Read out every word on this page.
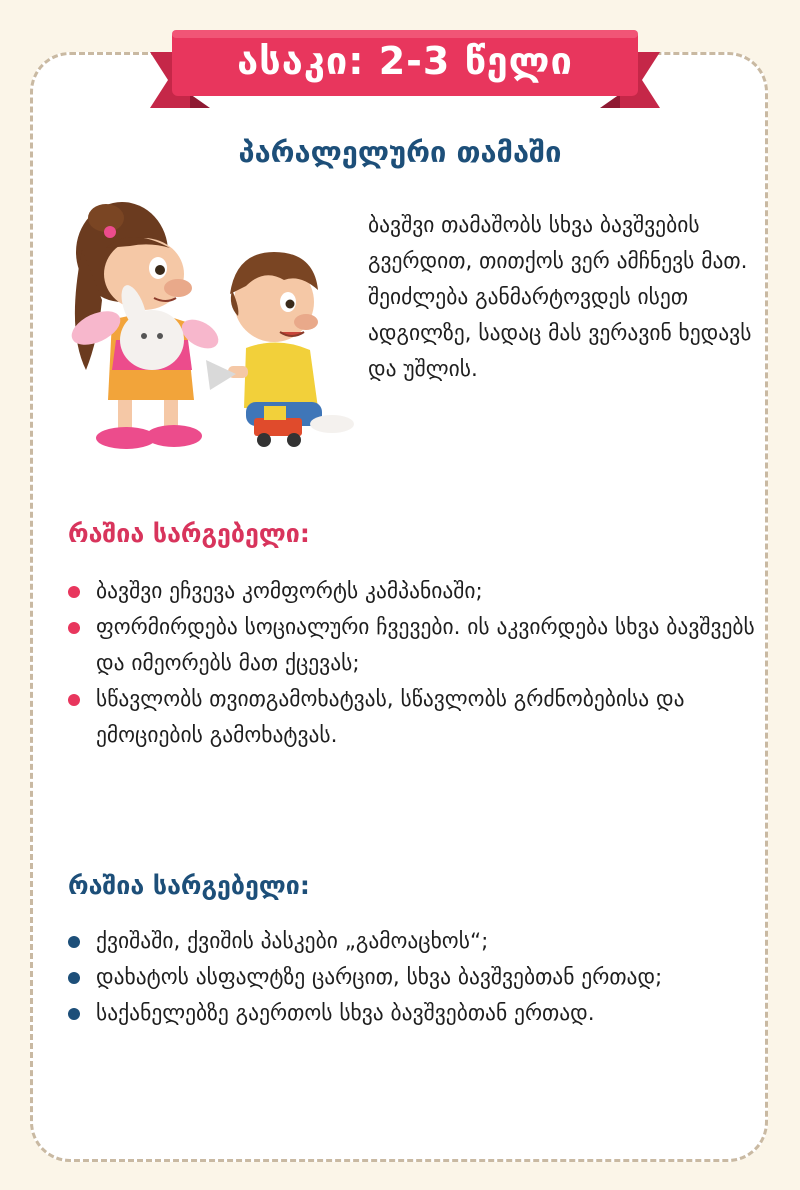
ასაკი: 2-3 წელი
პარალელური თამაში
ბავშვი თამაშობს სხვა ბავშვების გვერდით, თითქოს ვერ ამჩნევს მათ. შეიძლება განმარტოვდეს ისეთ ადგილზე, სადაც მას ვერავინ ხედავს და უშლის.
რაშია სარგებელი:
ბავშვი ეჩვევა კომფორტს კამპანიაში;
ფორმირდება სოციალური ჩვევები. ის აკვირდება სხვა ბავშვებს და იმეორებს მათ ქცევას;
სწავლობს თვითგამოხატვას, სწავლობს გრძნობებისა და ემოციების გამოხატვას.
რაშია სარგებელი:
ქვიშაში, ქვიშის პასკები „გამოაცხოს“;
დახატოს ასფალტზე ცარცით, სხვა ბავშვებთან ერთად;
საქანელებზე გაერთოს სხვა ბავშვებთან ერთად.
